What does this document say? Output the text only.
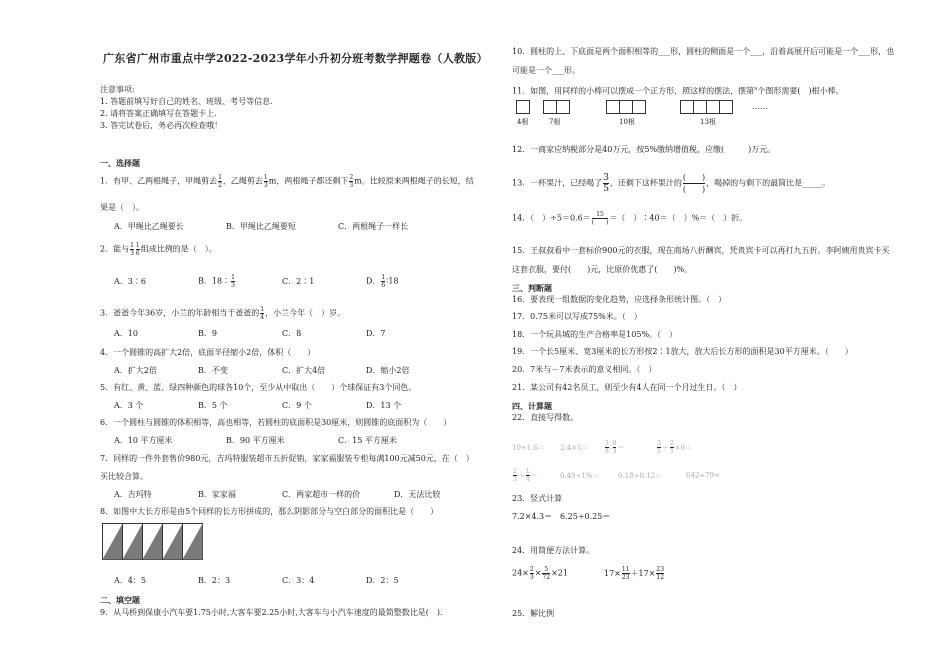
广东省广州市重点中学2022-2023学年小升初分班考数学押题卷（人教版）
注意事项:
1. 答题前填写好自己的姓名、班级、考号等信息.
2. 请将答案正确填写在答题卡上.
3. 答完试卷后，务必再次检查哦！
一、选择题
1．有甲、乙两根绳子，甲绳剪去 $\frac{1}{2}$ ，乙绳剪去 $\frac{1}{3}$ m，两根绳子都还剩下 $\frac{2}{3}$ m。比较原来两根绳子的长短，结
果是（　）。
A．甲绳比乙绳要长	B．甲绳比乙绳要短	C．两根绳子一样长
2．能与 $\frac{1}{3} \frac{1}{6}$ 组成比例的是（　）。
A．3∶6	B．18∶ $\frac{1}{3}$	C．2∶1	D． $\frac{1}{6}$ ∶18
3．爸爸今年36岁，小兰的年龄相当于爸爸的 $\frac{1}{4}$ ，小兰今年（　）岁。
A．10	B．9	C．8	D．7
4．一个圆锥的高扩大2倍，底面半径缩小2倍，体积（　　）
A．扩大2倍	B．不变	C．扩大4倍	D．缩小2倍
5．有红、黄、蓝、绿四种颜色的球各10个，至少从中取出（　　）个球保证有3个同色。
A．3 个	B．5 个	C．9 个	D．13 个
6．一个圆柱与圆锥的体积相等，高也相等，若圆柱的底面积是30厘米，则圆锥的底面积为（　　）
A．10 平方厘米	B．90 平方厘米	C．15 平方厘米
7．同样的一件外套售价980元，吉玛特服装超市五折促销，家家福服装专柜每满100元减50元，在（　）
买比较合算。
A．吉玛特	B．家家福	C．两家超市一样的价	D．无法比较
8．如图中大长方形是由5个同样的长方形拼成的，那么阴影部分与空白部分的面积比是（　　）
A．4：5	B．2：3	C．3：4	D．2：5
二、填空题
9．从马桥到保康小汽车要1.75小时,大客车要2.25小时,大客车与小汽车速度的最简整数比是(　).
10．圆柱的上、下底面是两个面积相等的___形，圆柱的侧面是一个___，沿着高展开后可能是一个___形，也
可能是一个___形。
11．如图，用同样的小棒可以摆成一个正方形，照这样的摆法，摆第$^n$个图形需要(　)根小棒。
4根	7根	10根	13根
……
12．一商家应纳税部分是40万元，按5%缴纳增值税，应缴(　　　)万元。
13．一杯果汁，已经喝了 $\frac{3}{5}$ ，还剩下这杯果汁的 $\frac{( )}{( )}$ ，喝掉的与剩下的最简比是_____。
14．（　）$\div 5=0.6= \frac{15}{( )}$ ＝（　）∶40＝（　）%＝（　）折。
15．王叔叔看中一套标价900元的衣服，现在商场八折酬宾，凭贵宾卡可以再打九五折。李阿姨用贵宾卡买
这套衣服，要付(　　)元，比原价优惠了(　　)%。
三、判断题
16．要表现一组数据的变化趋势，应选择条形统计图。（　）
17．0.75米可以写成75%米。（　）
18．一个玩具城的生产合格率是105%。（　）
19．一个长5厘米、宽3厘米的长方形按2∶1放大，放大后长方形的面积是30平方厘米。（　　）
20．7米与－7米表示的意义相同。（　）
21．某公司有42名员工，则至少有4人在同一个月过生日。（　）
四、计算题
22．直接写得数。
10÷1.6＝ 2.4×5＝	$\frac{3}{8}$ ∶ $\frac{8}{3}$ ＝	$\frac{3}{5} + \frac{2}{5} \times 0=$
$\frac{2}{3} + \frac{1}{4}$ ＝	0.49÷1%＝	0.18÷0.12＝	642÷79≈
23．竖式计算
7.2×4.3＝ 6.25÷0.25＝
24．用简便方法计算。
$24\times \frac{2}{3} \times \frac{5}{72} \times 21$	$17\times \frac{11}{23} +17\times \frac{23}{12}$
25．解比例
